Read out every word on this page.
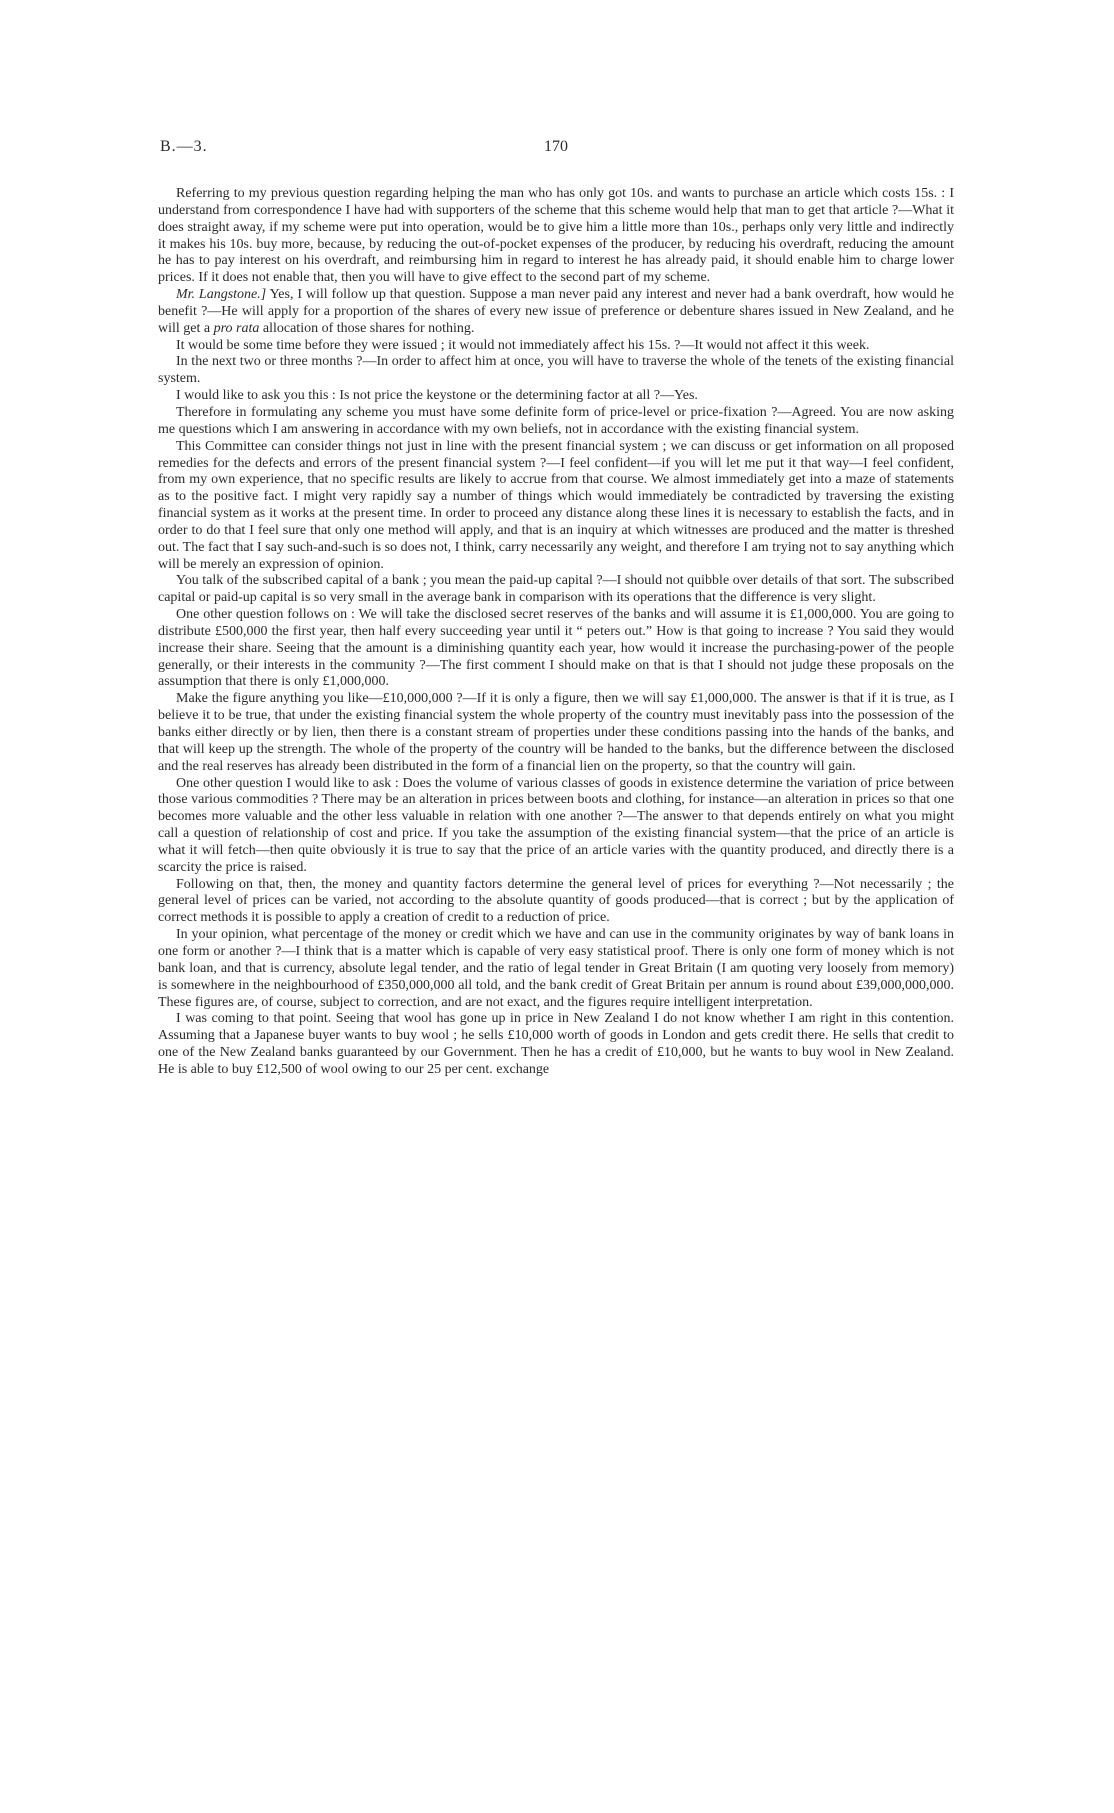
B.—3.	170

Referring to my previous question regarding helping the man who has only got 10s. and wants to purchase an article which costs 15s. : I understand from correspondence I have had with supporters of the scheme that this scheme would help that man to get that article ?—What it does straight away, if my scheme were put into operation, would be to give him a little more than 10s., perhaps only very little and indirectly it makes his 10s. buy more, because, by reducing the out-of-pocket expenses of the producer, by reducing his overdraft, reducing the amount he has to pay interest on his overdraft, and reimbursing him in regard to interest he has already paid, it should enable him to charge lower prices. If it does not enable that, then you will have to give effect to the second part of my scheme.

Mr. Langstone.] Yes, I will follow up that question. Suppose a man never paid any interest and never had a bank overdraft, how would he benefit ?—He will apply for a proportion of the shares of every new issue of preference or debenture shares issued in New Zealand, and he will get a pro rata allocation of those shares for nothing.

It would be some time before they were issued ; it would not immediately affect his 15s. ?—It would not affect it this week.

In the next two or three months ?—In order to affect him at once, you will have to traverse the whole of the tenets of the existing financial system.

I would like to ask you this : Is not price the keystone or the determining factor at all ?—Yes.

Therefore in formulating any scheme you must have some definite form of price-level or price-fixation ?—Agreed. You are now asking me questions which I am answering in accordance with my own beliefs, not in accordance with the existing financial system.

This Committee can consider things not just in line with the present financial system ; we can discuss or get information on all proposed remedies for the defects and errors of the present financial system ?—I feel confident—if you will let me put it that way—I feel confident, from my own experience, that no specific results are likely to accrue from that course. We almost immediately get into a maze of statements as to the positive fact. I might very rapidly say a number of things which would immediately be contradicted by traversing the existing financial system as it works at the present time. In order to proceed any distance along these lines it is necessary to establish the facts, and in order to do that I feel sure that only one method will apply, and that is an inquiry at which witnesses are produced and the matter is threshed out. The fact that I say such-and-such is so does not, I think, carry necessarily any weight, and therefore I am trying not to say anything which will be merely an expression of opinion.

You talk of the subscribed capital of a bank ; you mean the paid-up capital ?—I should not quibble over details of that sort. The subscribed capital or paid-up capital is so very small in the average bank in comparison with its operations that the difference is very slight.

One other question follows on : We will take the disclosed secret reserves of the banks and will assume it is £1,000,000. You are going to distribute £500,000 the first year, then half every succeeding year until it “ peters out.” How is that going to increase ? You said they would increase their share. Seeing that the amount is a diminishing quantity each year, how would it increase the purchasing-power of the people generally, or their interests in the community ?—The first comment I should make on that is that I should not judge these proposals on the assumption that there is only £1,000,000.

Make the figure anything you like—£10,000,000 ?—If it is only a figure, then we will say £1,000,000. The answer is that if it is true, as I believe it to be true, that under the existing financial system the whole property of the country must inevitably pass into the possession of the banks either directly or by lien, then there is a constant stream of properties under these conditions passing into the hands of the banks, and that will keep up the strength. The whole of the property of the country will be handed to the banks, but the difference between the disclosed and the real reserves has already been distributed in the form of a financial lien on the property, so that the country will gain.

One other question I would like to ask : Does the volume of various classes of goods in existence determine the variation of price between those various commodities ? There may be an alteration in prices between boots and clothing, for instance—an alteration in prices so that one becomes more valuable and the other less valuable in relation with one another ?—The answer to that depends entirely on what you might call a question of relationship of cost and price. If you take the assumption of the existing financial system—that the price of an article is what it will fetch—then quite obviously it is true to say that the price of an article varies with the quantity produced, and directly there is a scarcity the price is raised.

Following on that, then, the money and quantity factors determine the general level of prices for everything ?—Not necessarily ; the general level of prices can be varied, not according to the absolute quantity of goods produced—that is correct ; but by the application of correct methods it is possible to apply a creation of credit to a reduction of price.

In your opinion, what percentage of the money or credit which we have and can use in the community originates by way of bank loans in one form or another ?—I think that is a matter which is capable of very easy statistical proof. There is only one form of money which is not bank loan, and that is currency, absolute legal tender, and the ratio of legal tender in Great Britain (I am quoting very loosely from memory) is somewhere in the neighbourhood of £350,000,000 all told, and the bank credit of Great Britain per annum is round about £39,000,000,000. These figures are, of course, subject to correction, and are not exact, and the figures require intelligent interpretation.

I was coming to that point. Seeing that wool has gone up in price in New Zealand I do not know whether I am right in this contention. Assuming that a Japanese buyer wants to buy wool ; he sells £10,000 worth of goods in London and gets credit there. He sells that credit to one of the New Zealand banks guaranteed by our Government. Then he has a credit of £10,000, but he wants to buy wool in New Zealand. He is able to buy £12,500 of wool owing to our 25 per cent. exchange
